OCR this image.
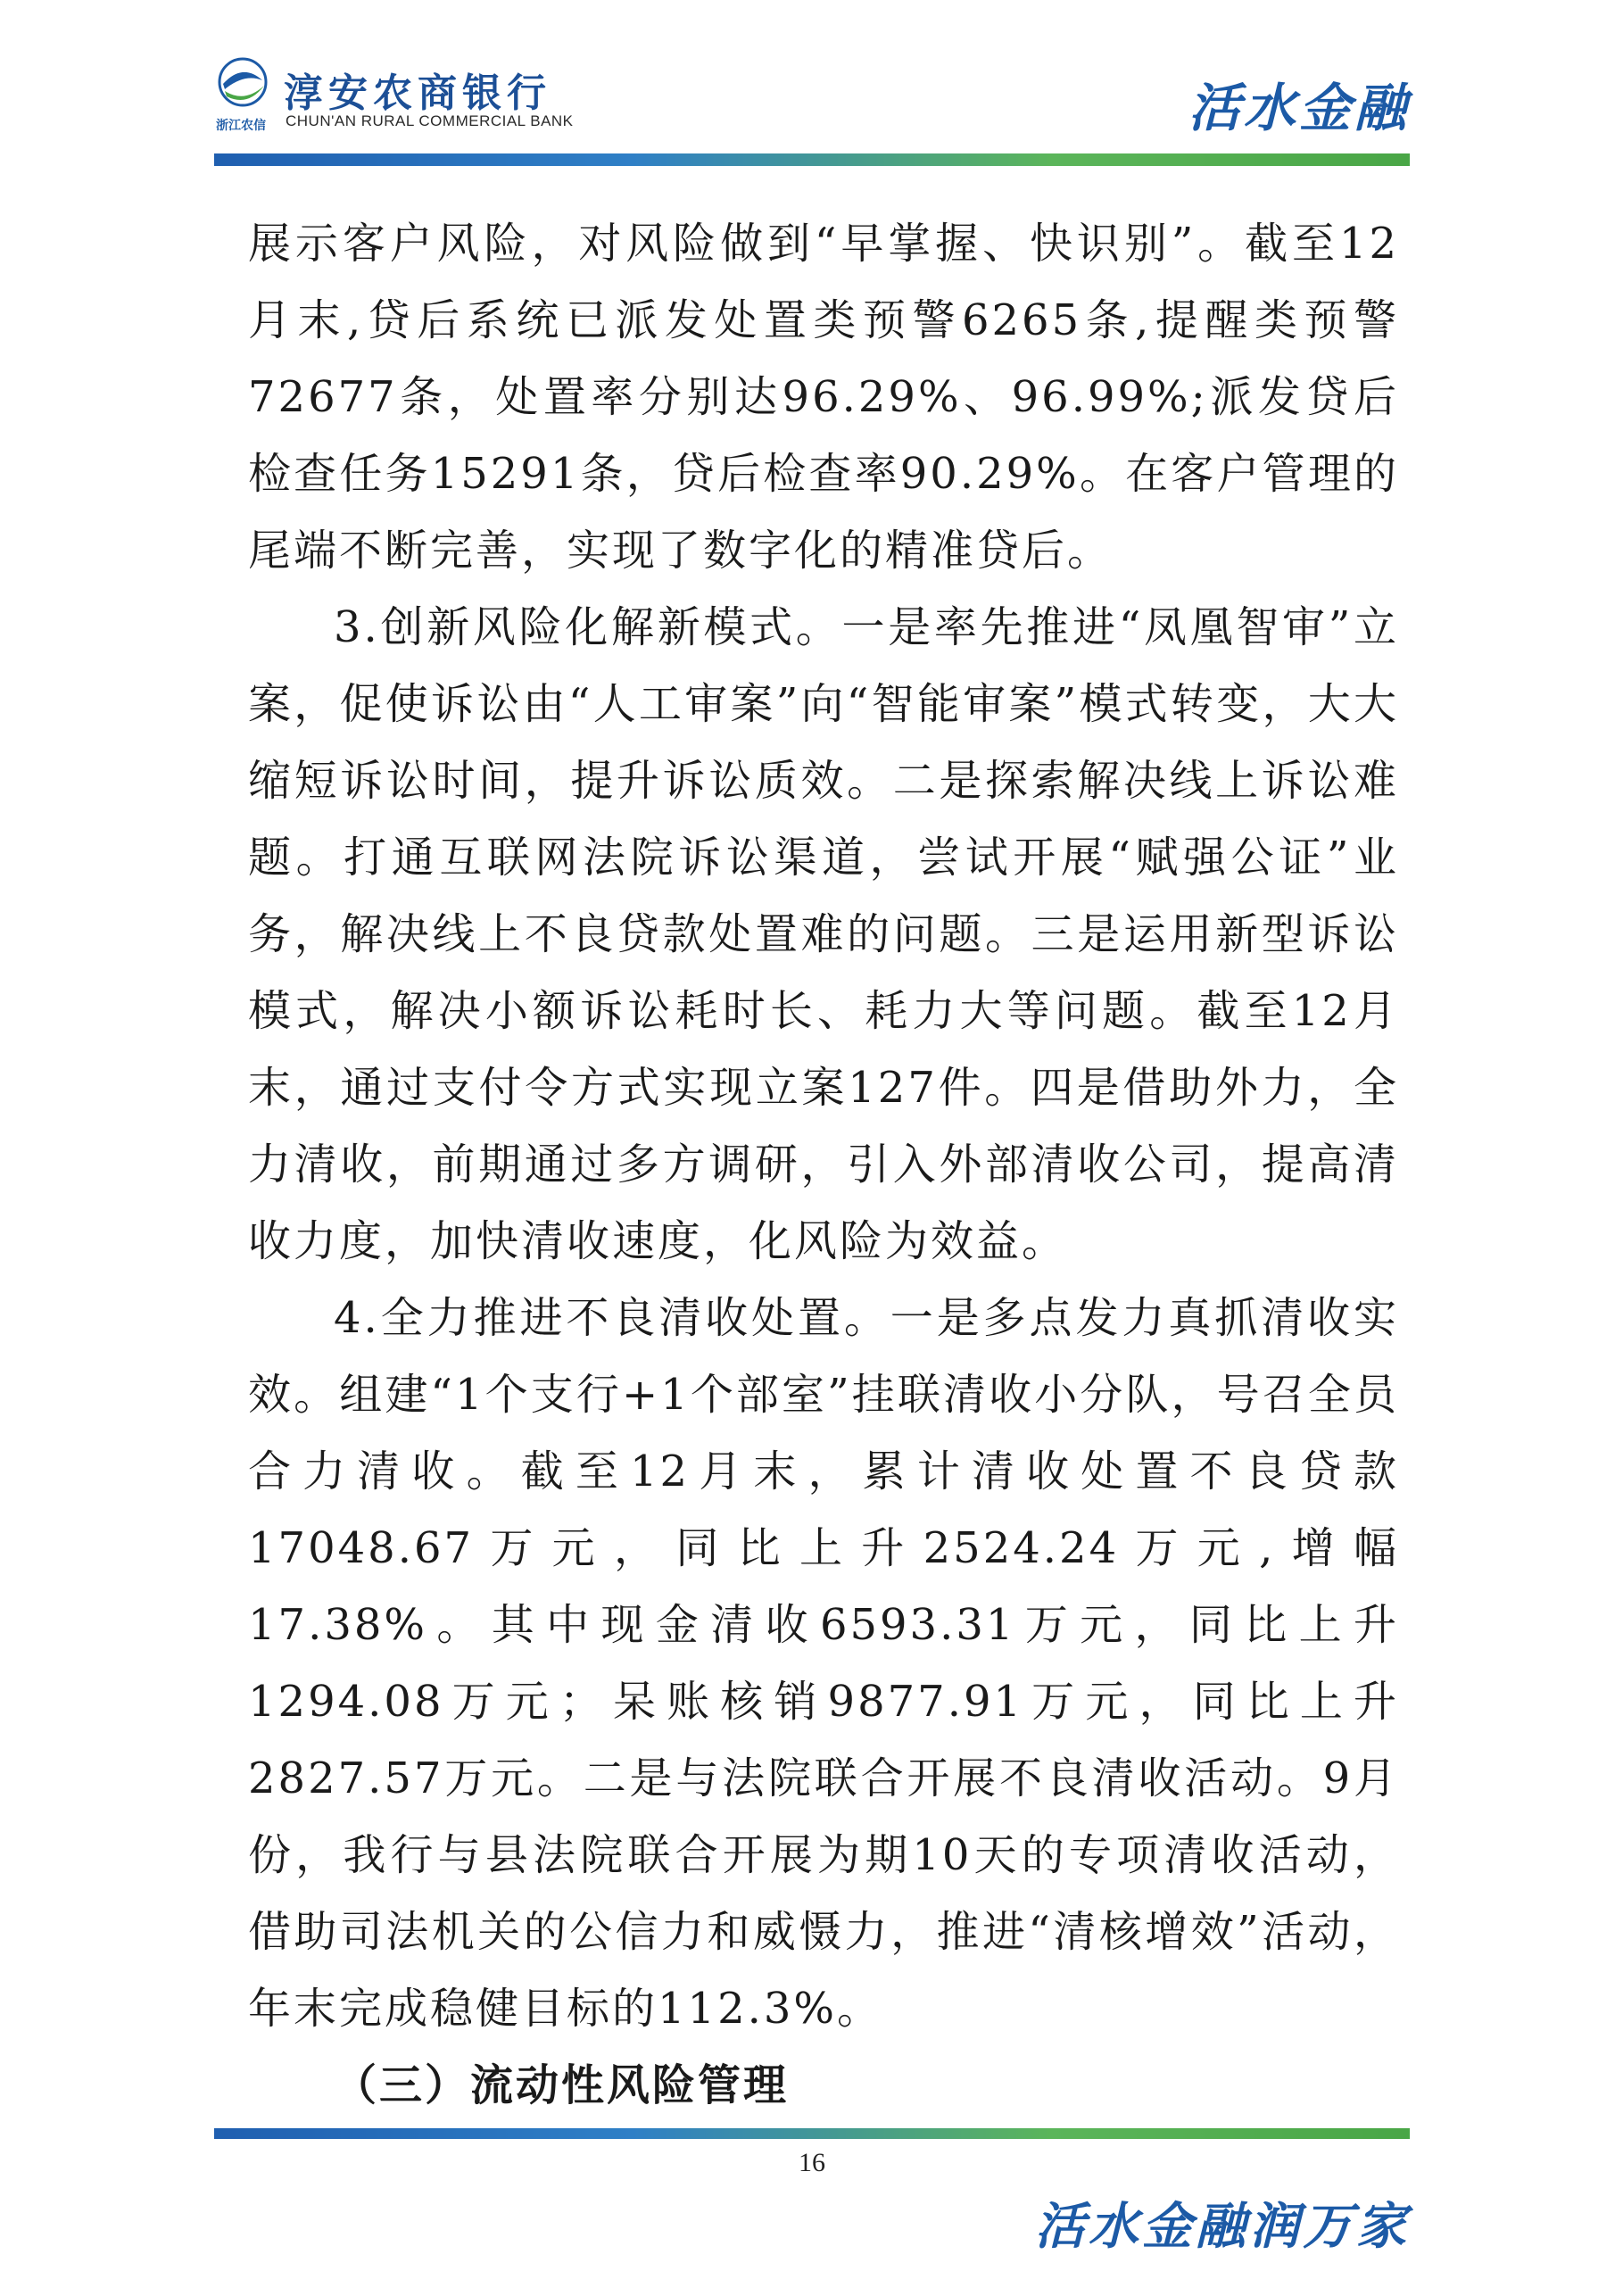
浙江农信
淳安农商银行
CHUN'AN RURAL COMMERCIAL BANK	活水金融

展示客户风险，对风险做到“早掌握、快识别”。截至12月末,贷后系统已派发处置类预警6265条,提醒类预警72677条，处置率分别达96.29%、96.99%;派发贷后检查任务15291条，贷后检查率90.29%。在客户管理的尾端不断完善，实现了数字化的精准贷后。

3.创新风险化解新模式。一是率先推进“凤凰智审”立案，促使诉讼由“人工审案”向“智能审案”模式转变，大大缩短诉讼时间，提升诉讼质效。二是探索解决线上诉讼难题。打通互联网法院诉讼渠道，尝试开展“赋强公证”业务，解决线上不良贷款处置难的问题。三是运用新型诉讼模式，解决小额诉讼耗时长、耗力大等问题。截至12月末，通过支付令方式实现立案127件。四是借助外力，全力清收，前期通过多方调研，引入外部清收公司，提高清收力度，加快清收速度，化风险为效益。

4.全力推进不良清收处置。一是多点发力真抓清收实效。组建“1个支行+1个部室”挂联清收小分队，号召全员合力清收。截至12月末，累计清收处置不良贷款17048.67万元，同比上升2524.24万元,增幅17.38%。其中现金清收6593.31万元，同比上升1294.08万元；呆账核销9877.91万元，同比上升2827.57万元。二是与法院联合开展不良清收活动。9月份，我行与县法院联合开展为期10天的专项清收活动，借助司法机关的公信力和威慑力，推进“清核增效”活动，年末完成稳健目标的112.3%。

（三）流动性风险管理

16
活水金融润万家
